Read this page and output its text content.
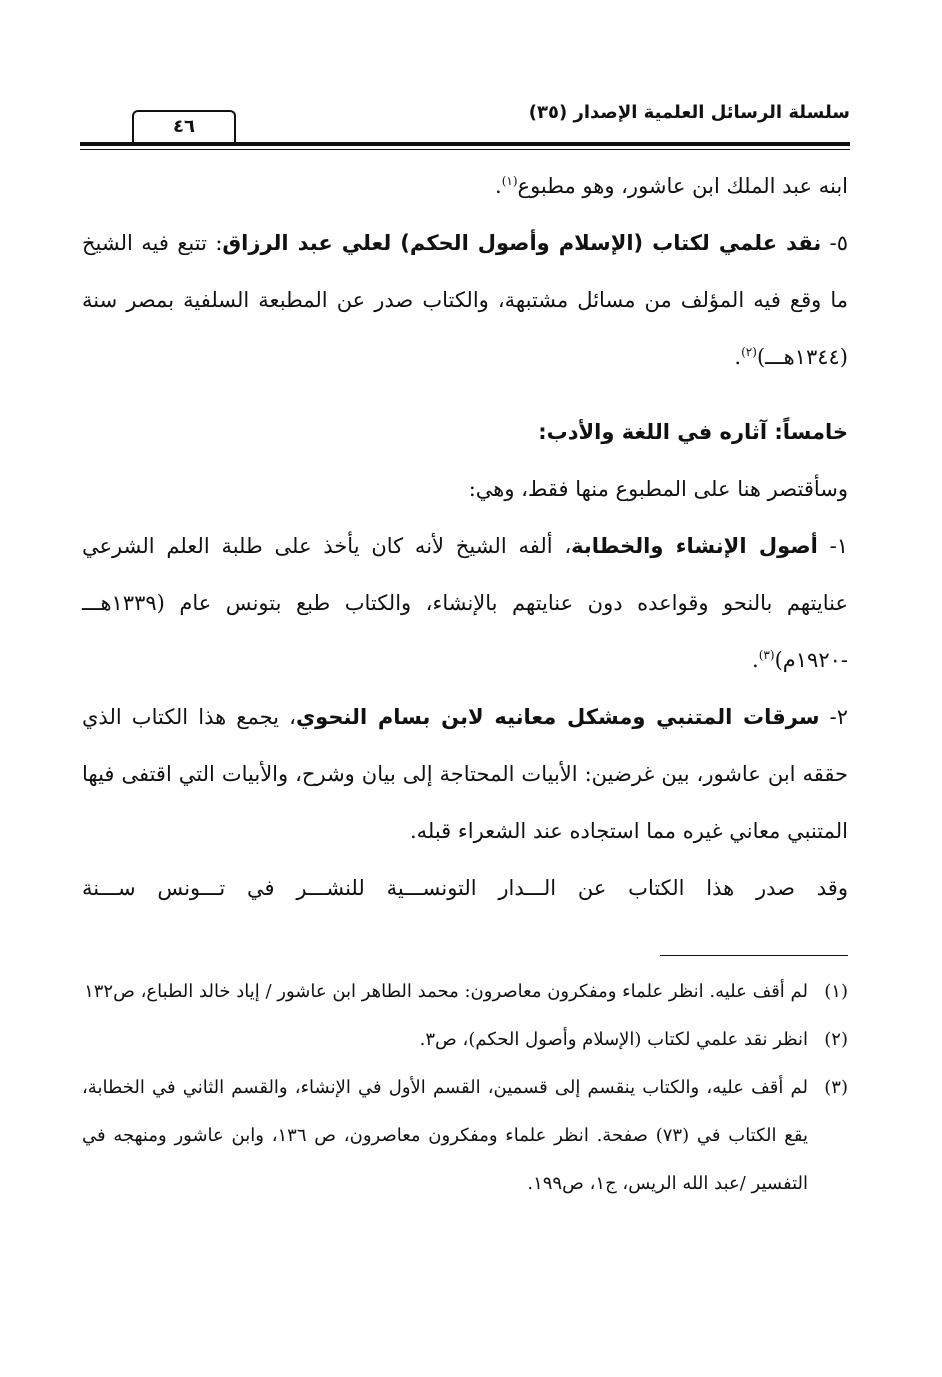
سلسلة الرسائل العلمية الإصدار (٣٥)
٤٦

ابنه عبد الملك ابن عاشور، وهو مطبوع$^{(١)}$.

٥- نقد علمي لكتاب (الإسلام وأصول الحكم) لعلي عبد الرزاق: تتبع فيه الشيخ ما وقع فيه المؤلف من مسائل مشتبهة، والكتاب صدر عن المطبعة السلفية بمصر سنة (١٣٤٤هـــ)$^{(٢)}$.

خامساً: آثاره في اللغة والأدب:

وسأقتصر هنا على المطبوع منها فقط، وهي:

١- أصول الإنشاء والخطابة، ألفه الشيخ لأنه كان يأخذ على طلبة العلم الشرعي عنايتهم بالنحو وقواعده دون عنايتهم بالإنشاء، والكتاب طبع بتونس عام (١٣٣٩هـــ -١٩٢٠م)$^{(٣)}$.

٢- سرقات المتنبي ومشكل معانيه لابن بسام النحوي، يجمع هذا الكتاب الذي حققه ابن عاشور، بين غرضين: الأبيات المحتاجة إلى بيان وشرح، والأبيات التي اقتفى فيها المتنبي معاني غيره مما استجاده عند الشعراء قبله.

وقد صدر هذا الكتاب عن الـــدار التونســـية للنشـــر في تـــونس ســـنة

(١)
لم أقف عليه. انظر علماء ومفكرون معاصرون: محمد الطاهر ابن عاشور / إياد خالد الطباع، ص١٣٢

(٢)
انظر نقد علمي لكتاب (الإسلام وأصول الحكم)، ص٣.

(٣)
لم أقف عليه، والكتاب ينقسم إلى قسمين، القسم الأول في الإنشاء، والقسم الثاني في الخطابة، يقع الكتاب في (٧٣) صفحة. انظر علماء ومفكرون معاصرون، ص ١٣٦، وابن عاشور ومنهجه في التفسير /عبد الله الريس، ج١، ص١٩٩.
